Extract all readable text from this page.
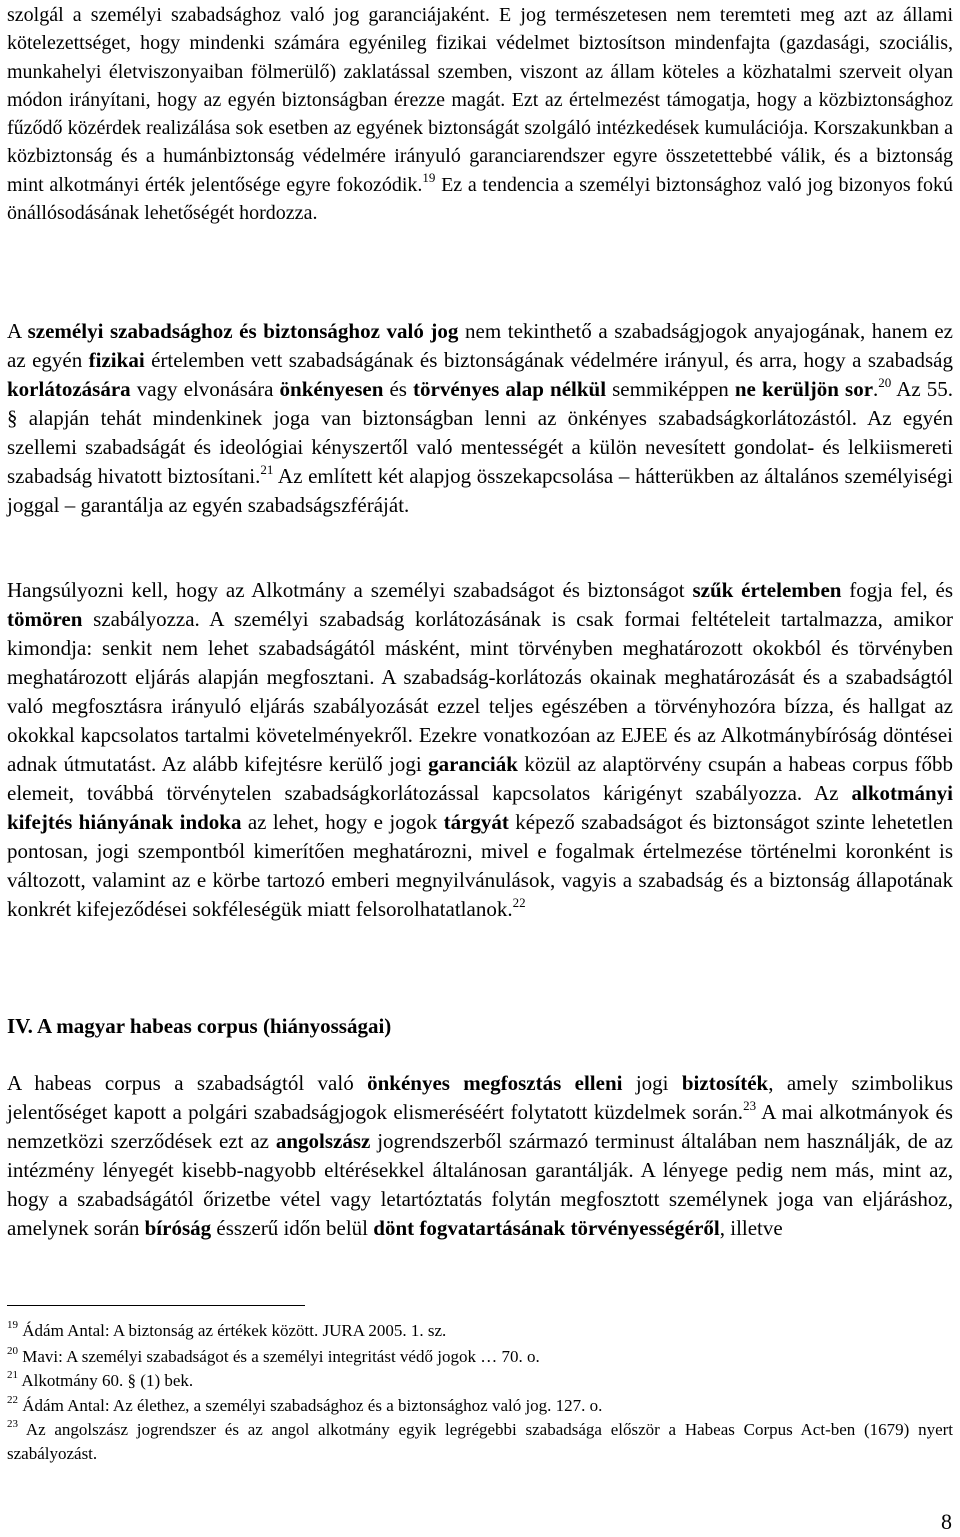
szolgál a személyi szabadsághoz való jog garanciájaként. E jog természetesen nem teremteti meg azt az állami kötelezettséget, hogy mindenki számára egyénileg fizikai védelmet biztosítson mindenfajta (gazdasági, szociális, munkahelyi életviszonyaiban fölmerülő) zaklatással szemben, viszont az állam köteles a közhatalmi szerveit olyan módon irányítani, hogy az egyén biztonságban érezze magát. Ezt az értelmezést támogatja, hogy a közbiztonsághoz fűződő közérdek realizálása sok esetben az egyének biztonságát szolgáló intézkedések kumulációja. Korszakunkban a közbiztonság és a humánbiztonság védelmére irányuló garanciarendszer egyre összetettebbé válik, és a biztonság mint alkotmányi érték jelentősége egyre fokozódik.$^{19}$ Ez a tendencia a személyi biztonsághoz való jog bizonyos fokú önállósodásának lehetőségét hordozza.

A személyi szabadsághoz és biztonsághoz való jog nem tekinthető a szabadságjogok anyajogának, hanem ez az egyén fizikai értelemben vett szabadságának és biztonságának védelmére irányul, és arra, hogy a szabadság korlátozására vagy elvonására önkényesen és törvényes alap nélkül semmiképpen ne kerüljön sor.$^{20}$ Az 55. § alapján tehát mindenkinek joga van biztonságban lenni az önkényes szabadságkorlátozástól. Az egyén szellemi szabadságát és ideológiai kényszertől való mentességét a külön nevesített gondolat- és lelkiismereti szabadság hivatott biztosítani.$^{21}$ Az említett két alapjog összekapcsolása – hátterükben az általános személyiségi joggal – garantálja az egyén szabadságszféráját.

Hangsúlyozni kell, hogy az Alkotmány a személyi szabadságot és biztonságot szűk értelemben fogja fel, és tömören szabályozza. A személyi szabadság korlátozásának is csak formai feltételeit tartalmazza, amikor kimondja: senkit nem lehet szabadságától másként, mint törvényben meghatározott okokból és törvényben meghatározott eljárás alapján megfosztani. A szabadság-korlátozás okainak meghatározását és a szabadságtól való megfosztásra irányuló eljárás szabályozását ezzel teljes egészében a törvényhozóra bízza, és hallgat az okokkal kapcsolatos tartalmi követelményekről. Ezekre vonatkozóan az EJEE és az Alkotmánybíróság döntései adnak útmutatást. Az alább kifejtésre kerülő jogi garanciák közül az alaptörvény csupán a habeas corpus főbb elemeit, továbbá törvénytelen szabadságkorlátozással kapcsolatos kárigényt szabályozza. Az alkotmányi kifejtés hiányának indoka az lehet, hogy e jogok tárgyát képező szabadságot és biztonságot szinte lehetetlen pontosan, jogi szempontból kimerítően meghatározni, mivel e fogalmak értelmezése történelmi koronként is változott, valamint az e körbe tartozó emberi megnyilvánulások, vagyis a szabadság és a biztonság állapotának konkrét kifejeződései sokféleségük miatt felsorolhatatlanok.$^{22}$

IV. A magyar habeas corpus (hiányosságai)

A habeas corpus a szabadságtól való önkényes megfosztás elleni jogi biztosíték, amely szimbolikus jelentőséget kapott a polgári szabadságjogok elismeréséért folytatott küzdelmek során.$^{23}$ A mai alkotmányok és nemzetközi szerződések ezt az angolszász jogrendszerből származó terminust általában nem használják, de az intézmény lényegét kisebb-nagyobb eltérésekkel általánosan garantálják. A lényege pedig nem más, mint az, hogy a szabadságától őrizetbe vétel vagy letartóztatás folytán megfosztott személynek joga van eljáráshoz, amelynek során bíróság ésszerű időn belül dönt fogvatartásának törvényességéről, illetve

$^{19}$ Ádám Antal: A biztonság az értékek között. JURA 2005. 1. sz.

$^{20}$ Mavi: A személyi szabadságot és a személyi integritást védő jogok … 70. o.

$^{21}$ Alkotmány 60. § (1) bek.

$^{22}$ Ádám Antal: Az élethez, a személyi szabadsághoz és a biztonsághoz való jog. 127. o.

$^{23}$ Az angolszász jogrendszer és az angol alkotmány egyik legrégebbi szabadsága először a Habeas Corpus Act-ben (1679) nyert szabályozást.

8
